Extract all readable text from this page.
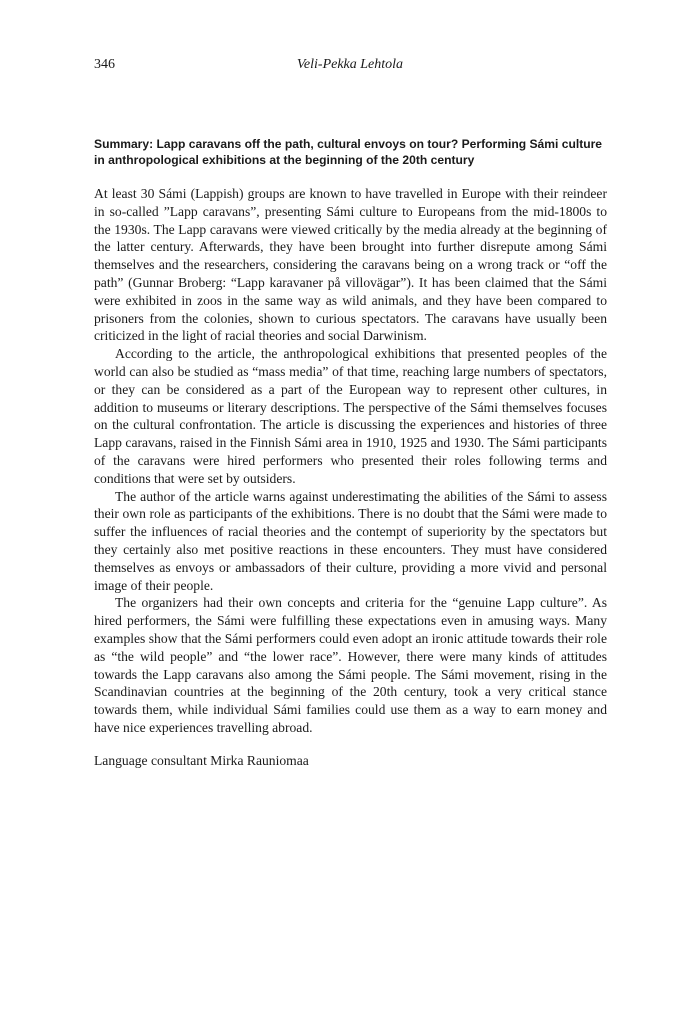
346	Veli-Pekka Lehtola
Summary: Lapp caravans off the path, cultural envoys on tour? Performing Sámi culture in anthropological exhibitions at the beginning of the 20th century

At least 30 Sámi (Lappish) groups are known to have travelled in Europe with their reindeer in so-called ”Lapp caravans”, presenting Sámi culture to Europeans from the mid-1800s to the 1930s. The Lapp caravans were viewed critically by the media already at the beginning of the latter century. Afterwards, they have been brought into further disrepute among Sámi themselves and the researchers, considering the caravans being on a wrong track or “off the path” (Gunnar Broberg: “Lapp karavaner på villovägar”). It has been claimed that the Sámi were exhibited in zoos in the same way as wild animals, and they have been compared to prisoners from the colonies, shown to curious spectators. The caravans have usually been criticized in the light of racial theories and social Darwinism.

According to the article, the anthropological exhibitions that presented peoples of the world can also be studied as “mass media” of that time, reaching large numbers of spectators, or they can be considered as a part of the European way to represent other cultures, in addition to museums or literary descriptions. The perspective of the Sámi themselves focuses on the cultural confrontation. The article is discussing the experiences and histories of three Lapp caravans, raised in the Finnish Sámi area in 1910, 1925 and 1930. The Sámi participants of the caravans were hired performers who presented their roles following terms and conditions that were set by outsiders.

The author of the article warns against underestimating the abilities of the Sámi to assess their own role as participants of the exhibitions. There is no doubt that the Sámi were made to suffer the influences of racial theories and the contempt of superiority by the spectators but they certainly also met positive reactions in these encounters. They must have considered themselves as envoys or ambassadors of their culture, providing a more vivid and personal image of their people.

The organizers had their own concepts and criteria for the “genuine Lapp culture”. As hired performers, the Sámi were fulfilling these expectations even in amusing ways. Many examples show that the Sámi performers could even adopt an ironic attitude towards their role as “the wild people” and “the lower race”. However, there were many kinds of attitudes towards the Lapp caravans also among the Sámi people. The Sámi movement, rising in the Scandinavian countries at the beginning of the 20th century, took a very critical stance towards them, while individual Sámi families could use them as a way to earn money and have nice experiences travelling abroad.

Language consultant Mirka Rauniomaa
